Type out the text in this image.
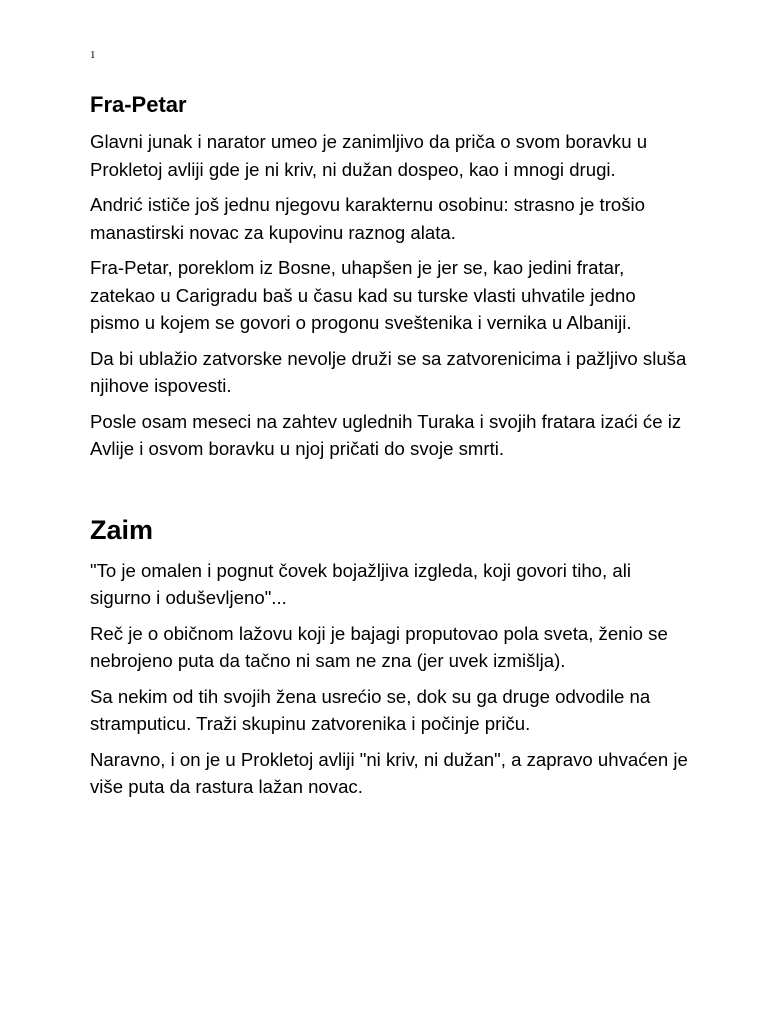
1
Fra-Petar

Glavni junak i narator umeo je zanimljivo da priča o svom boravku u Prokletoj avliji gde je ni kriv, ni dužan dospeo, kao i mnogi drugi.

Andrić ističe još jednu njegovu karakternu osobinu: strasno je trošio manastirski novac za kupovinu raznog alata.

Fra-Petar, poreklom iz Bosne, uhapšen je jer se, kao jedini fratar, zatekao u Carigradu baš u času kad su turske vlasti uhvatile jedno pismo u kojem se govori o progonu sveštenika i vernika u Albaniji.

Da bi ublažio zatvorske nevolje druži se sa zatvorenicima i pažljivo sluša njihove ispovesti.

Posle osam meseci na zahtev uglednih Turaka i svojih fratara izaći će iz Avlije i osvom boravku u njoj pričati do svoje smrti.

Zaim

"To je omalen i pognut čovek bojažljiva izgleda, koji govori tiho, ali sigurno i oduševljeno"...

Reč je o običnom lažovu koji je bajagi proputovao pola sveta, ženio se nebrojeno puta da tačno ni sam ne zna (jer uvek izmišlja).

Sa nekim od tih svojih žena usrećio se, dok su ga druge odvodile na stramputicu. Traži skupinu zatvorenika i počinje priču.

Naravno, i on je u Prokletoj avliji "ni kriv, ni dužan", a zapravo uhvaćen je više puta da rastura lažan novac.
